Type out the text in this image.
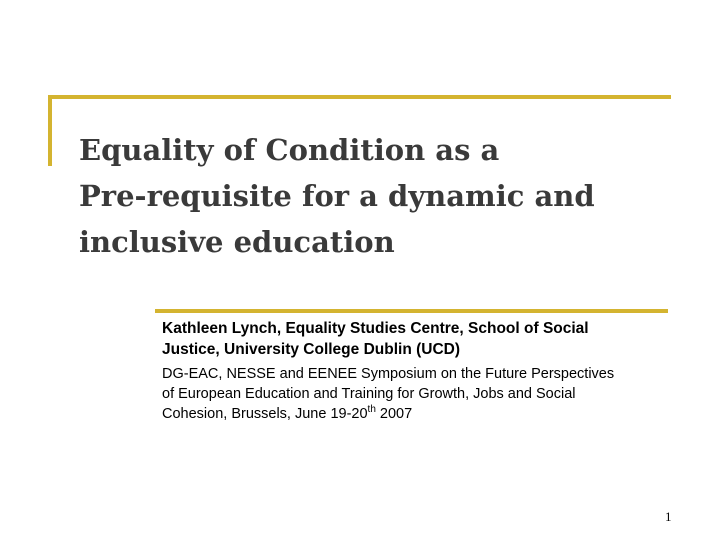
Equality of Condition as a
Pre-requisite for a dynamic and
inclusive education

Kathleen Lynch, Equality Studies Centre, School of Social
Justice, University College Dublin (UCD)

DG-EAC, NESSE and EENEE Symposium on the Future Perspectives
of European Education and Training for Growth, Jobs and Social
Cohesion, Brussels, June 19-20th 2007

1
